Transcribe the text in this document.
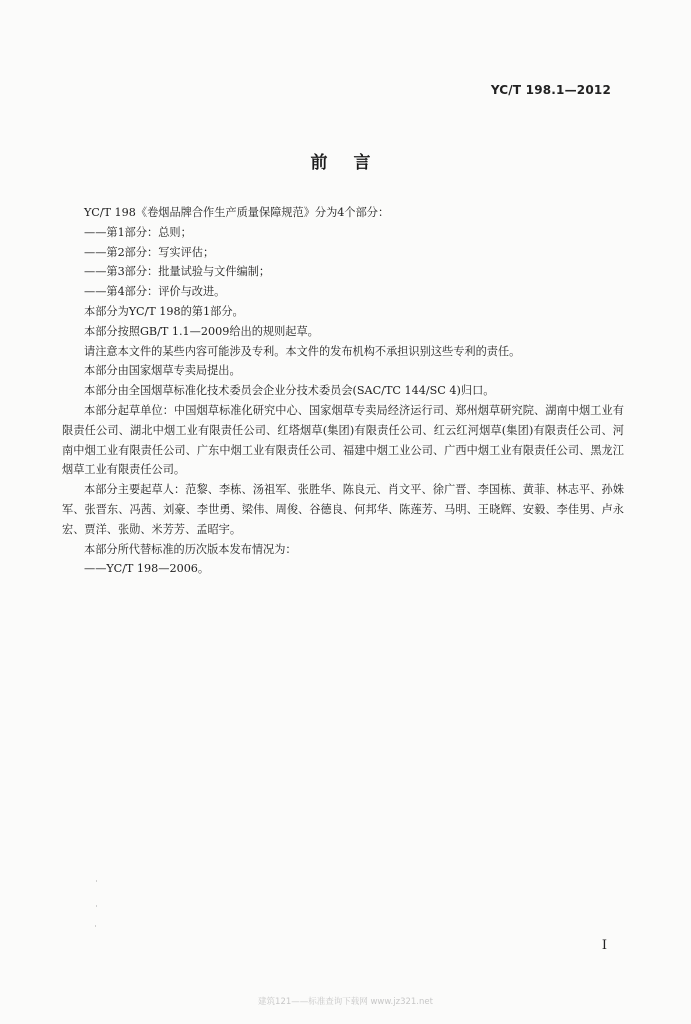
YC/T 198.1—2012
前 言

YC/T 198《卷烟品牌合作生产质量保障规范》分为4个部分：

——第1部分：总则；

——第2部分：写实评估；

——第3部分：批量试验与文件编制；

——第4部分：评价与改进。

本部分为YC/T 198的第1部分。

本部分按照GB/T 1.1—2009给出的规则起草。

请注意本文件的某些内容可能涉及专利。本文件的发布机构不承担识别这些专利的责任。

本部分由国家烟草专卖局提出。

本部分由全国烟草标准化技术委员会企业分技术委员会(SAC/TC 144/SC 4)归口。

本部分起草单位：中国烟草标准化研究中心、国家烟草专卖局经济运行司、郑州烟草研究院、湖南中烟工业有限责任公司、湖北中烟工业有限责任公司、红塔烟草(集团)有限责任公司、红云红河烟草(集团)有限责任公司、河南中烟工业有限责任公司、广东中烟工业有限责任公司、福建中烟工业公司、广西中烟工业有限责任公司、黑龙江烟草工业有限责任公司。

本部分主要起草人：范黎、李栋、汤祖军、张胜华、陈良元、肖文平、徐广晋、李国栋、黄菲、林志平、孙姝军、张晋东、冯茜、刘豪、李世勇、梁伟、周俊、谷德良、何邦华、陈莲芳、马明、王晓辉、安毅、李佳男、卢永宏、贾洋、张勋、米芳芳、孟昭宇。

本部分所代替标准的历次版本发布情况为：

——YC/T 198—2006。

I
建筑121——标准查询下载网 www.jz321.net
